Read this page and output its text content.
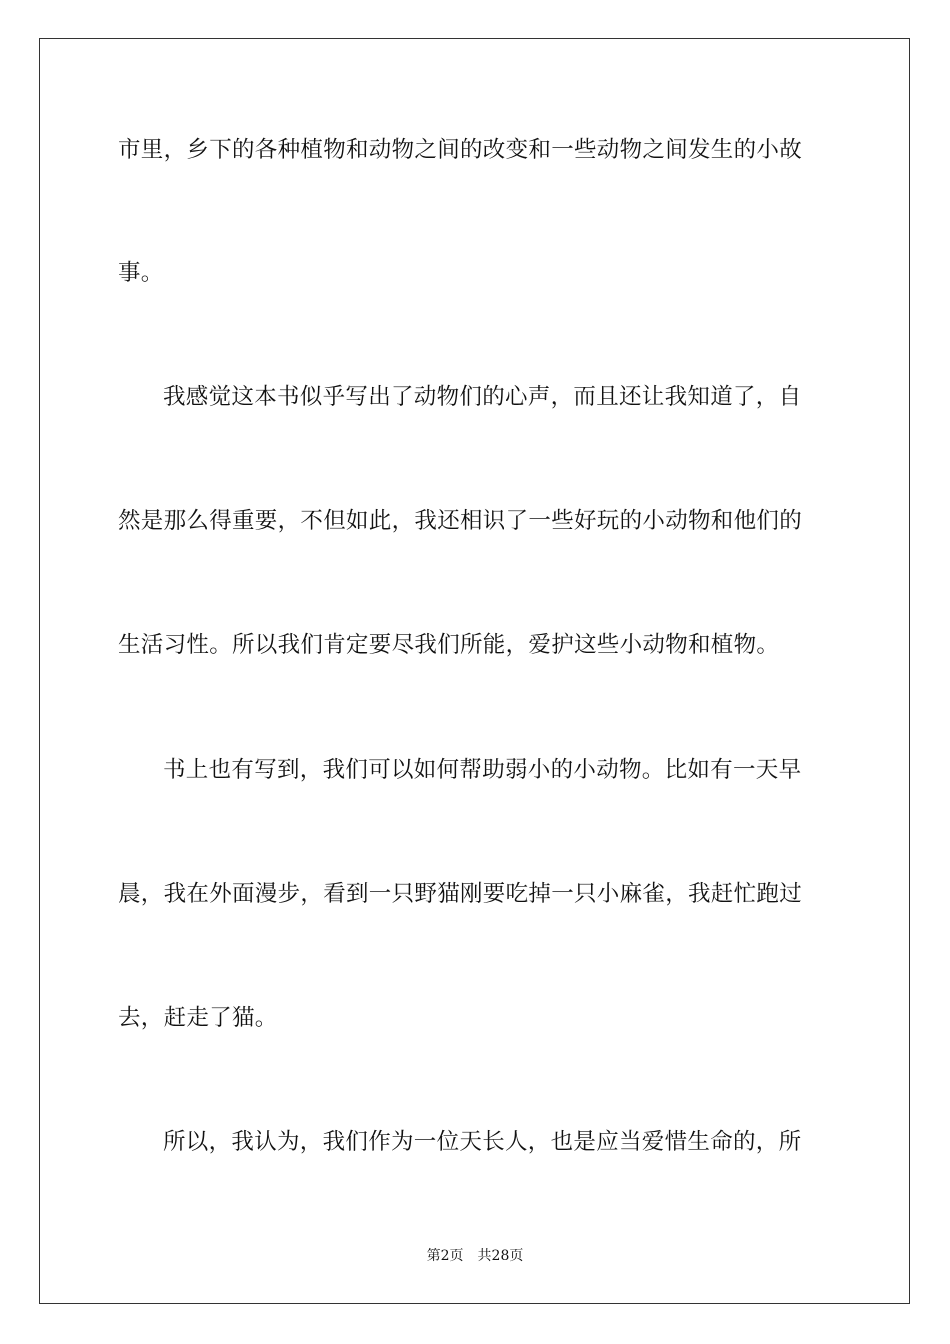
市里，乡下的各种植物和动物之间的改变和一些动物之间发生的小故
事。
我感觉这本书似乎写出了动物们的心声，而且还让我知道了，自
然是那么得重要，不但如此，我还相识了一些好玩的小动物和他们的
生活习性。所以我们肯定要尽我们所能，爱护这些小动物和植物。
书上也有写到，我们可以如何帮助弱小的小动物。比如有一天早
晨，我在外面漫步，看到一只野猫刚要吃掉一只小麻雀，我赶忙跑过
去，赶走了猫。
所以，我认为，我们作为一位天长人，也是应当爱惜生命的，所
第2页 共28页
